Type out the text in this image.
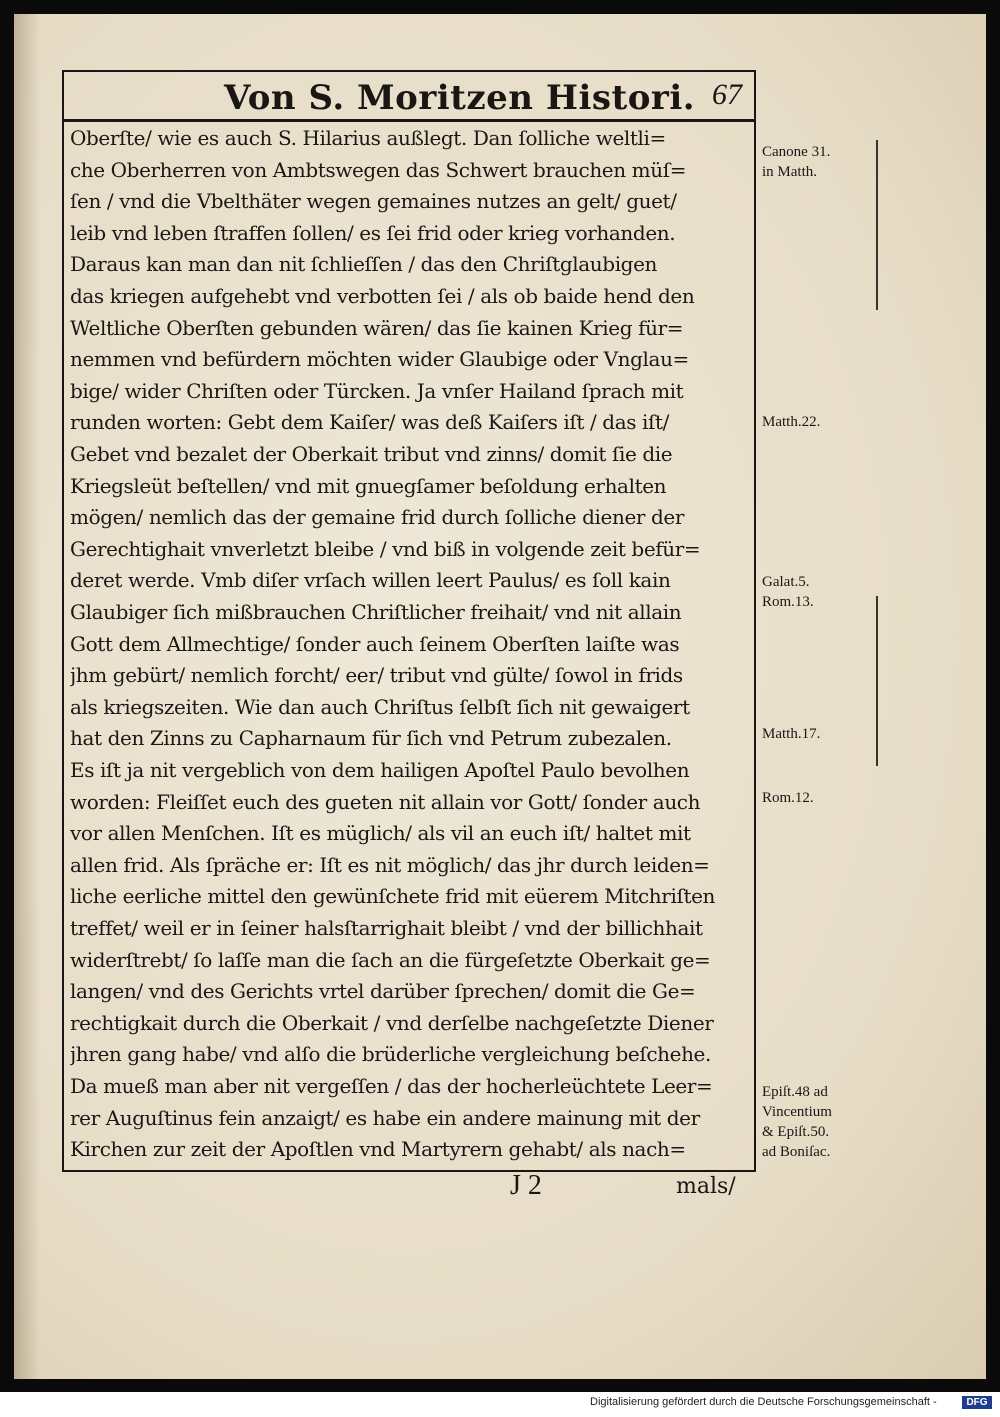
Von S. Moritzen Histori. 67
Oberſte/ wie es auch S. Hilarius außlegt. Dan ſolliche weltli=
che Oberherren von Ambtswegen das Schwert brauchen müſ=
ſen / vnd die Vbelthäter wegen gemaines nutzes an gelt/ guet/
leib vnd leben ſtraffen ſollen/ es ſei frid oder krieg vorhanden.
Daraus kan man dan nit ſchlieſſen / das den Chriſtglaubigen
das kriegen aufgehebt vnd verbotten ſei / als ob baide hend den
Weltliche Oberſten gebunden wären/ das ſie kainen Krieg für=
nemmen vnd befürdern möchten wider Glaubige oder Vnglau=
bige/ wider Chriſten oder Türcken. Ja vnſer Hailand ſprach mit
runden worten: Gebt dem Kaiſer/ was deß Kaiſers iſt / das iſt/
Gebet vnd bezalet der Oberkait tribut vnd zinns/ domit ſie die
Kriegsleüt beſtellen/ vnd mit gnuegſamer beſoldung erhalten
mögen/ nemlich das der gemaine frid durch ſolliche diener der
Gerechtighait vnverletzt bleibe / vnd biß in volgende zeit befür=
deret werde. Vmb diſer vrſach willen leert Paulus/ es ſoll kain
Glaubiger ſich mißbrauchen Chriſtlicher freihait/ vnd nit allain
Gott dem Allmechtige/ ſonder auch ſeinem Oberſten laiſte was
jhm gebürt/ nemlich forcht/ eer/ tribut vnd gülte/ ſowol in frids
als kriegszeiten. Wie dan auch Chriſtus ſelbſt ſich nit gewaigert
hat den Zinns zu Capharnaum für ſich vnd Petrum zubezalen.
Es iſt ja nit vergeblich von dem hailigen Apoſtel Paulo bevolhen
worden: Fleiſſet euch des gueten nit allain vor Gott/ ſonder auch
vor allen Menſchen. Iſt es müglich/ als vil an euch iſt/ haltet mit
allen frid. Als ſpräche er: Iſt es nit möglich/ das jhr durch leiden=
liche eerliche mittel den gewünſchete frid mit eüerem Mitchriſten
treffet/ weil er in ſeiner halsſtarrighait bleibt / vnd der billichhait
widerſtrebt/ ſo laſſe man die ſach an die fürgeſetzte Oberkait ge=
langen/ vnd des Gerichts vrtel darüber ſprechen/ domit die Ge=
rechtigkait durch die Oberkait / vnd derſelbe nachgeſetzte Diener
jhren gang habe/ vnd alſo die brüderliche vergleichung beſchehe.
Da mueß man aber nit vergeſſen / das der hocherleüchtete Leer=
rer Auguſtinus fein anzaigt/ es habe ein andere mainung mit der
Kirchen zur zeit der Apoſtlen vnd Martyrern gehabt/ als nach=
J 2	mals/
Canone 31.
in Matth.
Matth.22.
Galat.5.
Rom.13.
Matth.17.
Rom.12.
Epiſt.48 ad
Vincentium
& Epiſt.50.
ad Boniſac.
Digitalisierung gefördert durch die Deutsche Forschungsgemeinschaft -	DFG
